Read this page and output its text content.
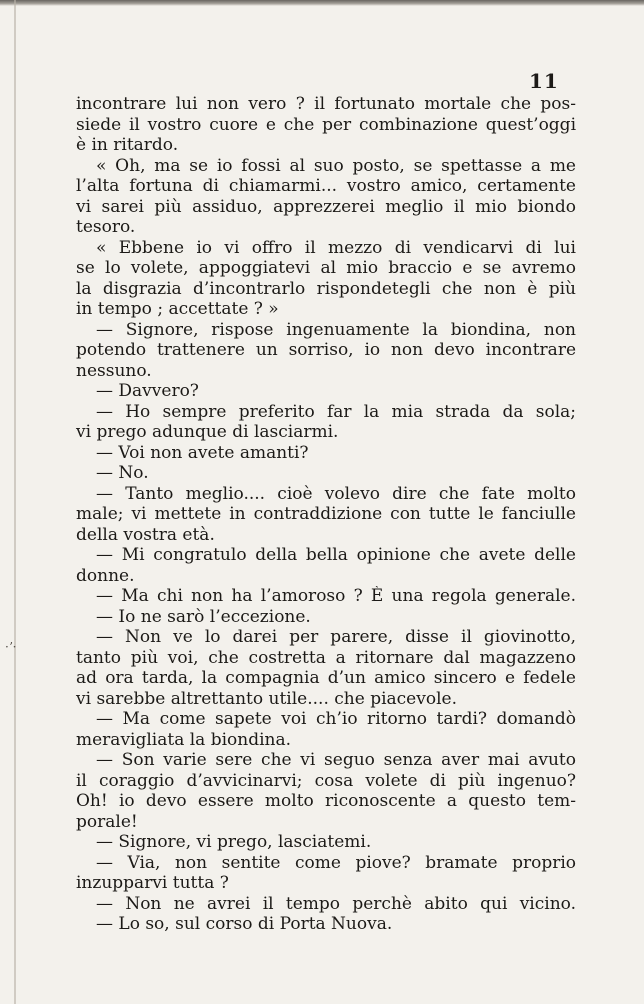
·ʼ·
11
incontrare lui non vero ? il fortunato mortale che pos-
siede il vostro cuore e che per combinazione quest’oggi
è in ritardo.
« Oh, ma se io fossi al suo posto, se spettasse a me
l’alta fortuna di chiamarmi... vostro amico, certamente
vi sarei più assiduo, apprezzerei meglio il mio biondo
tesoro.
« Ebbene io vi offro il mezzo di vendicarvi di lui
se lo volete, appoggiatevi al mio braccio e se avremo
la disgrazia d’incontrarlo rispondetegli che non è più
in tempo ; accettate ? »
— Signore, rispose ingenuamente la biondina, non
potendo trattenere un sorriso, io non devo incontrare
nessuno.
— Davvero?
— Ho sempre preferito far la mia strada da sola;
vi prego adunque di lasciarmi.
— Voi non avete amanti?
— No.
— Tanto meglio.... cioè volevo dire che fate molto
male; vi mettete in contraddizione con tutte le fanciulle
della vostra età.
— Mi congratulo della bella opinione che avete delle
donne.
— Ma chi non ha l’amoroso ? È una regola generale.
— Io ne sarò l’eccezione.
— Non ve lo darei per parere, disse il giovinotto,
tanto più voi, che costretta a ritornare dal magazzeno
ad ora tarda, la compagnia d’un amico sincero e fedele
vi sarebbe altrettanto utile.... che piacevole.
— Ma come sapete voi ch’io ritorno tardi? domandò
meravigliata la biondina.
— Son varie sere che vi seguo senza aver mai avuto
il coraggio d’avvicinarvi; cosa volete di più ingenuo?
Oh! io devo essere molto riconoscente a questo tem-
porale!
— Signore, vi prego, lasciatemi.
— Via, non sentite come piove? bramate proprio
inzupparvi tutta ?
— Non ne avrei il tempo perchè abito qui vicino.
— Lo so, sul corso di Porta Nuova.
